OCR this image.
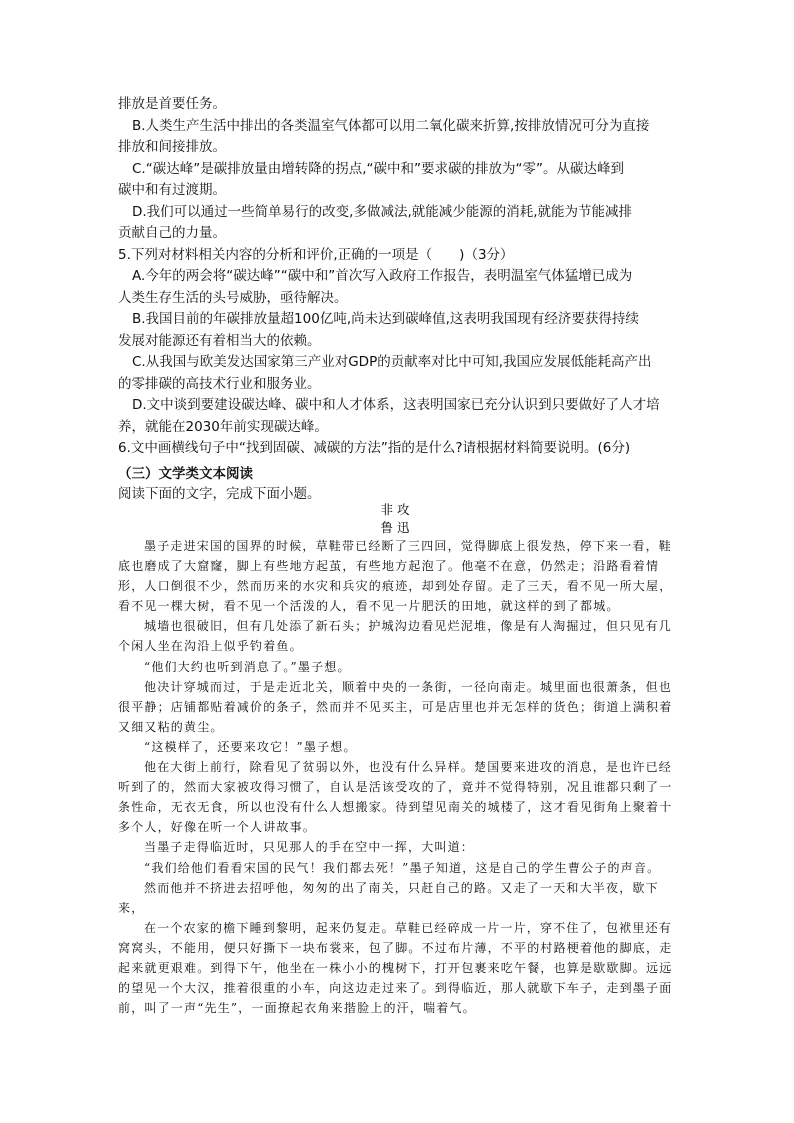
排放是首要任务。
B.人类生产生活中排出的各类温室气体都可以用二氧化碳来折算,按排放情况可分为直接
排放和间接排放。
C.“碳达峰”是碳排放量由增转降的拐点,“碳中和”要求碳的排放为“零”。从碳达峰到
碳中和有过渡期。
D.我们可以通过一些简单易行的改变,多做减法,就能减少能源的消耗,就能为节能减排
贡献自己的力量。
5.下列对材料相关内容的分析和评价,正确的一项是（　　)（3分）
A.今年的两会将“碳达峰”“碳中和”首次写入政府工作报告，表明温室气体猛增已成为
人类生存生活的头号威胁，亟待解决。
B.我国目前的年碳排放量超100亿吨,尚未达到碳峰值,这表明我国现有经济要获得持续
发展对能源还有着相当大的依赖。
C.从我国与欧美发达国家第三产业对GDP的贡献率对比中可知,我国应发展低能耗高产出
的零排碳的高技术行业和服务业。
D.文中谈到要建设碳达峰、碳中和人才体系，这表明国家已充分认识到只要做好了人才培
养，就能在2030年前实现碳达峰。
6.文中画横线句子中“找到固碳、减碳的方法”指的是什么?请根据材料简要说明。(6分)
（三）文学类文本阅读
阅读下面的文字，完成下面小题。
非攻
鲁迅

墨子走进宋国的国界的时候，草鞋带已经断了三四回，觉得脚底上很发热，停下来一看，鞋底也磨成了大窟窿，脚上有些地方起茧，有些地方起泡了。他毫不在意，仍然走；沿路看着情形，人口倒很不少，然而历来的水灾和兵灾的痕迹，却到处存留。走了三天，看不见一所大屋，看不见一棵大树，看不见一个活泼的人，看不见一片肥沃的田地，就这样的到了都城。

城墙也很破旧，但有几处添了新石头；护城沟边看见烂泥堆，像是有人淘掘过，但只见有几个闲人坐在沟沿上似乎钓着鱼。

“他们大约也听到消息了。”墨子想。

他决计穿城而过，于是走近北关，顺着中央的一条街，一径向南走。城里面也很萧条，但也很平静；店铺都贴着减价的条子，然而并不见买主，可是店里也并无怎样的货色；街道上满积着又细又粘的黄尘。

“这模样了，还要来攻它！”墨子想。

他在大街上前行，除看见了贫弱以外，也没有什么异样。楚国要来进攻的消息，是也许已经听到了的，然而大家被攻得习惯了，自认是活该受攻的了，竟并不觉得特别，况且谁都只剩了一条性命，无衣无食，所以也没有什么人想搬家。待到望见南关的城楼了，这才看见街角上聚着十多个人，好像在听一个人讲故事。

当墨子走得临近时，只见那人的手在空中一挥，大叫道：

“我们给他们看看宋国的民气！我们都去死！”墨子知道，这是自己的学生曹公子的声音。

然而他并不挤进去招呼他，匆匆的出了南关，只赶自己的路。又走了一天和大半夜，歇下来，

在一个农家的檐下睡到黎明，起来仍复走。草鞋已经碎成一片一片，穿不住了，包袱里还有窝窝头，不能用，便只好撕下一块布裳来，包了脚。不过布片薄，不平的村路梗着他的脚底，走起来就更艰难。到得下午，他坐在一株小小的槐树下，打开包裹来吃午餐，也算是歇歇脚。远远的望见一个大汉，推着很重的小车，向这边走过来了。到得临近，那人就歇下车子，走到墨子面前，叫了一声“先生”，一面撩起衣角来揩脸上的汗，喘着气。
